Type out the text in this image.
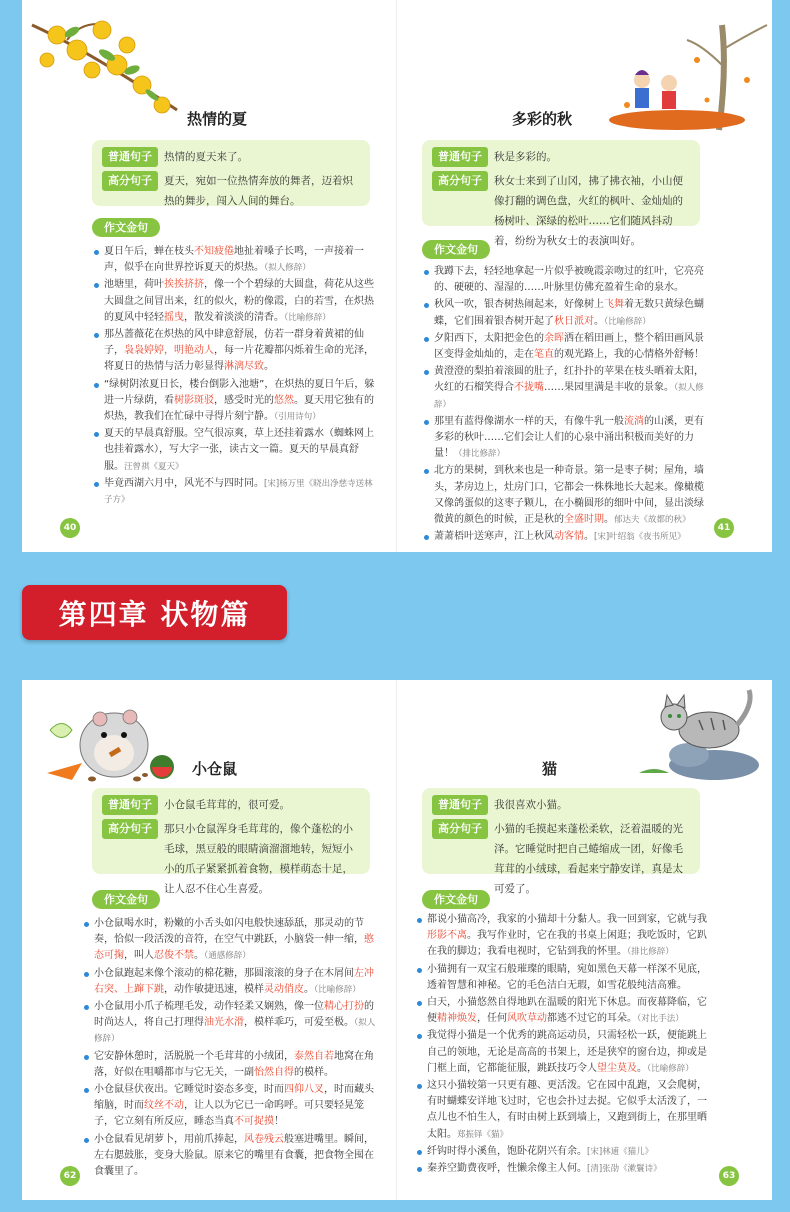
热情的夏
普通句子	热情的夏天来了。
高分句子	夏天，宛如一位热情奔放的舞者，迈着炽热的舞步，闯入人间的舞台。
作文金句
夏日午后，蝉在枝头不知疲倦地扯着嗓子长鸣，一声接着一声，似乎在向世界控诉夏天的炽热。（拟人修辞）
池塘里，荷叶挨挨挤挤，像一个个碧绿的大圆盘，荷花从这些大圆盘之间冒出来，红的似火，粉的像霞，白的若雪，在炽热的夏风中轻轻摇曳，散发着淡淡的清香。（比喻修辞）
那丛蔷薇花在炽热的风中肆意舒展，仿若一群身着黄裙的仙子，袅袅婷婷，明艳动人，每一片花瓣都闪烁着生命的光泽，将夏日的热情与活力彰显得淋漓尽致。
“绿树阴浓夏日长，楼台倒影入池塘”，在炽热的夏日午后，躲进一片绿荫，看树影斑驳，感受时光的悠然。夏天用它独有的炽热，教我们在忙碌中寻得片刻宁静。（引用诗句）
夏天的早晨真舒服。空气很凉爽，草上还挂着露水（蜘蛛网上也挂着露水），写大字一张，读古文一篇。夏天的早晨真舒服。汪曾祺《夏天》
毕竟西湖六月中，风光不与四时同。[宋]杨万里《晓出净慈寺送林子方》
40
多彩的秋
普通句子	秋是多彩的。
高分句子	秋女士来到了山冈，拂了拂衣袖，小山便像打翻的调色盘，火红的枫叶、金灿灿的杨树叶、深绿的松叶……它们随风抖动着，纷纷为秋女士的表演叫好。
作文金句
我蹲下去，轻轻地拿起一片似乎被晚霞亲吻过的红叶，它亮亮的、硬硬的、湿湿的……叶脉里仿佛充盈着生命的泉水。
秋风一吹，银杏树热闹起来，好像树上飞舞着无数只黄绿色蝴蝶，它们围着银杏树开起了秋日派对。（比喻修辞）
夕阳西下，太阳把金色的余晖洒在稻田画上，整个稻田画风景区变得金灿灿的，走在笔直的观光路上，我的心情格外舒畅！
黄澄澄的梨拍着滚圆的肚子，红扑扑的苹果在枝头晒着太阳，火红的石榴笑得合不拢嘴……果园里满是丰收的景象。（拟人修辞）
那里有蓝得像湖水一样的天，有像牛乳一般流淌的山溪，更有多彩的秋叶……它们会让人们的心泉中涌出积极而美好的力量！（排比修辞）
北方的果树，到秋来也是一种奇景。第一是枣子树；屋角，墙头，茅房边上，灶房门口，它都会一株株地长大起来。像橄榄又像鸽蛋似的这枣子颗儿，在小椭圆形的细叶中间，显出淡绿微黄的颜色的时候，正是秋的全盛时期。郁达夫《故都的秋》
萧萧梧叶送寒声，江上秋风动客情。[宋]叶绍翁《夜书所见》
41
第四章 状物篇
小仓鼠
普通句子	小仓鼠毛茸茸的，很可爱。
高分句子	那只小仓鼠浑身毛茸茸的，像个蓬松的小毛球，黑豆般的眼睛滴溜溜地转，短短小小的爪子紧紧抓着食物，模样萌态十足，让人忍不住心生喜爱。
作文金句
小仓鼠喝水时，粉嫩的小舌头如闪电般快速舔舐，那灵动的节奏，恰似一段活泼的音符，在空气中跳跃，小脑袋一伸一缩，憨态可掬，叫人忍俊不禁。（通感修辞）
小仓鼠跑起来像个滚动的棉花糖，那圆滚滚的身子在木屑间左冲右突、上蹿下跳，动作敏捷迅速，模样灵动俏皮。（比喻修辞）
小仓鼠用小爪子梳理毛发，动作轻柔又娴熟，像一位精心打扮的时尚达人，将自己打理得油光水滑，模样乖巧，可爱至极。（拟人修辞）
它安静休憩时，活脱脱一个毛茸茸的小绒团，泰然自若地窝在角落，好似在咀嚼都市与它无关，一副怡然自得的模样。
小仓鼠昼伏夜出。它睡觉时姿态多变，时而四仰八叉，时而藏头缩脑，时而纹丝不动，让人以为它已一命呜呼。可只要轻晃笼子，它立刻有所反应，睡态当真不可捉摸！
小仓鼠看见胡萝卜，用前爪捧起，风卷残云般塞进嘴里。瞬间，左右腮鼓胀，变身大脸鼠。原来它的嘴里有食囊，把食物全囤在食囊里了。
62
猫
普通句子	我很喜欢小猫。
高分句子	小猫的毛摸起来蓬松柔软，泛着温暖的光泽。它睡觉时把自己蜷缩成一团，好像毛茸茸的小绒球，看起来宁静安详，真是太可爱了。
作文金句
都说小猫高冷，我家的小猫却十分黏人。我一回到家，它就与我形影不离。我写作业时，它在我的书桌上闲逛；我吃饭时，它趴在我的脚边；我看电视时，它钻到我的怀里。（排比修辞）
小猫拥有一双宝石般璀璨的眼睛，宛如黑色天幕一样深不见底，透着智慧和神秘。它的毛色洁白无瑕，如雪花般纯洁高雅。
白天，小猫悠然自得地趴在温暖的阳光下休息。而夜幕降临，它便精神焕发，任何风吹草动都逃不过它的耳朵。（对比手法）
我觉得小猫是一个优秀的跳高运动员，只需轻松一跃，便能跳上自己的领地，无论是高高的书架上，还是狭窄的窗台边，抑或是门框上面，它都能征服，跳跃技巧令人望尘莫及。（比喻修辞）
这只小猫较第一只更有趣、更活泼。它在园中乱跑，又会爬树，有时蝴蝶安详地飞过时，它也会扑过去捉。它似乎太活泼了，一点儿也不怕生人，有时由树上跃到墙上，又跑到街上，在那里晒太阳。郑振铎《猫》
纤钩时得小溪鱼，饱卧花阴兴有余。[宋]林逋《猫儿》
秦养空勤费夜呼，性懒余像主人何。[清]张劭《漱鬟诗》
63
